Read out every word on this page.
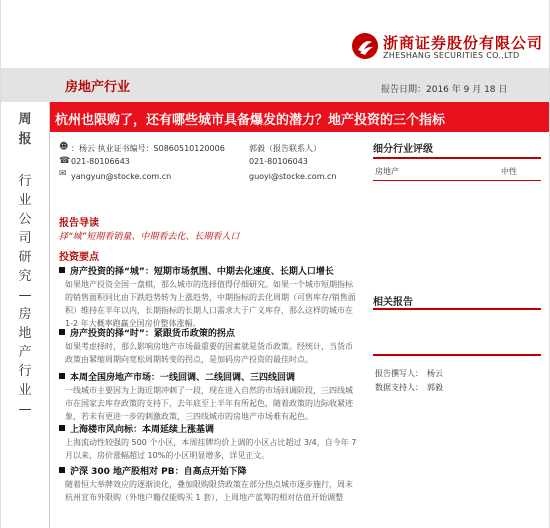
浙商证券股份有限公司
ZHESHANG SECURITIES CO.,LTD
房地产行业	报告日期：2016 年 9 月 18 日
杭州也限购了，还有哪些城市具备爆发的潜力？地产投资的三个指标
周报
行业公司研究—房地产行业—
☻ ：杨云 执业证书编号：S0860510120006	郭毅（报告联系人）
☎ 021-80106643	021-80106043
✉ yangyun@stocke.com.cn	guoyi@stocke.com.cn
报告导读
择“城”短期看销量、中期看去化、长期看人口
投资要点
房产投资的择“城”：短期市场氛围、中期去化速度、长期人口增长
如果地产投资全国一盘棋，那么城市的选择值得仔细研究。如果一个城市短期指标的销售面积同比由下跌趋势转为上涨趋势，中期指标的去化周期（可售库存/销售面积）维持在半年以内，长期指标的长期人口需求大于广义库存，那么这样的城市在 1-2 年大概率跑赢全国房价整体涨幅。
房产投资的择“时”：紧跟货币政策的拐点
如果考虑择时，那么影响房地产市场最重要的因素就是货币政策。经统计，当货币政策由紧缩周期向宽松周期转变的拐点，是加码房产投资的最佳时点。
本周全国房地产市场：一线回调、二线回调、三四线回调
一线城市主要因为上海近期冲刺了一段，现在进入自然的市场回调阶段，三四线城市在国家去库存政策的支持下，去年底至上半年有所起色，随着政策的边际收紧迹象，若未有更进一步的刺激政策，三四线城市的房地产市场难有起色。
上海楼市风向标：本周延续上涨基调
上海流动性较强的 500 个小区，本周挂牌均价上调的小区占比超过 3/4，自今年 7 月以来，房价涨幅超过 10%的小区明显增多，详见正文。
沪深 300 地产股相对 PB：自高点开始下降
随着恒大举牌效应的逐渐淡化，叠加限购限贷政策在部分热点城市逐步施行，周末杭州宣布外限购（外地户籍仅能购买 1 套），上周地产蓝筹的相对估值开始调整
细分行业评级
房地产	中性
相关报告
报告撰写人： 杨云
数据支持人： 郭毅
